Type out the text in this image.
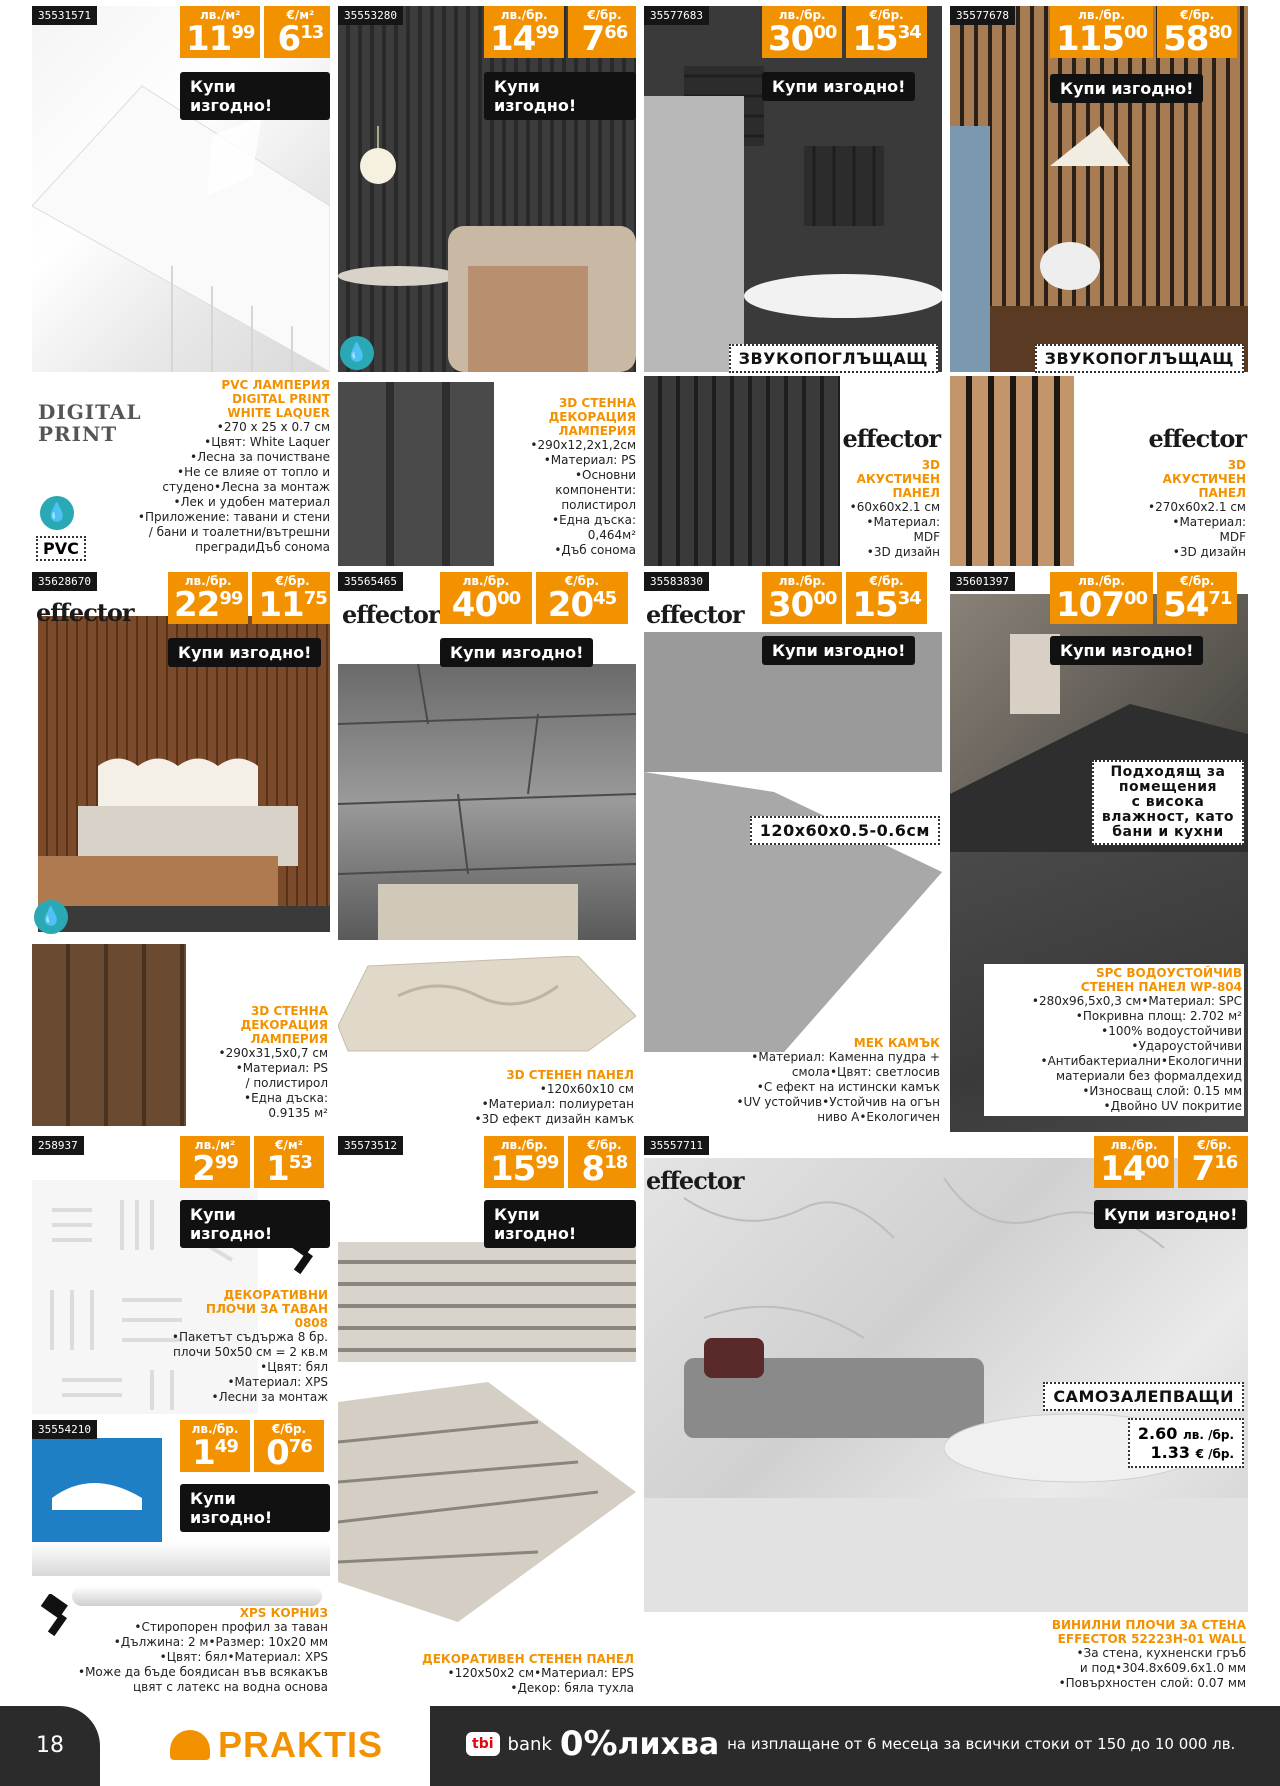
35531571	лв./м²
$11^{99}$
€/м²
$6^{13}$
Купи изгодно!
DIGITAL PRINT
💧
PVC
PVC ЛАМПЕРИЯ
DIGITAL PRINT
WHITE LAQUER
•270 x 25 x 0.7 см
•Цвят: White Laquer
•Лесна за почистване
•Не се влияе от топло и
студено•Лесна за монтаж
•Лек и удобен материал
•Приложение: тавани и стени
/ бани и тоалетни/вътрешни
преградиДъб сонома
💧
35553280	лв./бр.
$14^{99}$
€/бр.
$7^{66}$
Купи изгодно!
3D СТЕННА
ДЕКОРАЦИЯ
ЛАМПЕРИЯ
•290x12,2x1,2см
•Материал: PS
•Основни
компоненти:
полистирол
•Една дъска:
0,464м²
•Дъб сонома
35577683	лв./бр.
$30^{00}$
€/бр.
$15^{34}$
Купи изгодно!
ЗВУКОПОГЛЪЩАЩ
effector
3D
АКУСТИЧЕН
ПАНЕЛ
•60x60x2.1 см
•Материал:
MDF
•3D дизайн
35577678	лв./бр.
$115^{00}$
€/бр.
$58^{80}$
Купи изгодно!
ЗВУКОПОГЛЪЩАЩ
effector
3D
АКУСТИЧЕН
ПАНЕЛ
•270x60x2.1 см
•Материал:
MDF
•3D дизайн
💧
35628670
effector
лв./бр.
$22^{99}$
€/бр.
$11^{75}$
Купи изгодно!
3D СТЕННА
ДЕКОРАЦИЯ
ЛАМПЕРИЯ
•290x31,5x0,7 см
•Материал: PS
/ полистирол
•Една дъска:
0.9135 м²
35565465
effector
лв./бр.
$40^{00}$
€/бр.
$20^{45}$
Купи изгодно!
3D СТЕНЕН ПАНЕЛ
•120x60x10 см
•Материал: полиуретан
•3D ефект дизайн камък
35583830
effector
лв./бр.
$30^{00}$
€/бр.
$15^{34}$
Купи изгодно!
120x60x0.5-0.6см
МЕК КАМЪК
•Материал: Каменна пудра +
смола•Цвят: светлосив
•С ефект на истински камък
•UV устойчив•Устойчив на огън
ниво А•Екологичен
35601397	лв./бр.
$107^{00}$
€/бр.
$54^{71}$
Купи изгодно!
Подходящ за
помещения
с висока
влажност, като
бани и кухни
SPC ВОДОУСТОЙЧИВ
СТЕНЕН ПАНЕЛ WP-804
•280x96,5x0,3 см•Материал: SPC
•Покривна площ: 2.702 м²
•100% водоустойчиви
•Удароустойчиви
•Антибактериални•Екологични
материали без формалдехид
•Износващ слой: 0.15 мм
•Двойно UV покритие
258937	лв./м²
$2^{99}$
€/м²
$1^{53}$
Купи изгодно!
ДЕКОРАТИВНИ
ПЛОЧИ ЗА ТАВАН
0808
•Пакетът съдържа 8 бр.
плочи 50x50 см = 2 кв.м
•Цвят: бял
•Материал: XPS
•Лесни за монтаж
35554210	лв./бр.
$1^{49}$
€/бр.
$0^{76}$
Купи изгодно!
XPS КОРНИЗ
•Стиропорен профил за таван
•Дължина: 2 м•Размер: 10х20 мм
•Цвят: бял•Материал: XPS
•Може да бъде боядисан във всякакъв
цвят с латекс на водна основа
35573512	лв./бр.
$15^{99}$
€/бр.
$8^{18}$
Купи изгодно!
ДЕКОРАТИВЕН СТЕНЕН ПАНЕЛ
•120x50x2 см•Материал: EPS
•Декор: бяла тухла
35557711
effector
лв./бр.
$14^{00}$
€/бр.
$7^{16}$
Купи изгодно!
САМОЗАЛЕПВАЩИ
2.60 лв. /бр.
1.33 € /бр.
ВИНИЛНИ ПЛОЧИ ЗА СТЕНА
EFFECTOR 52223H-01 WALL
•За стена, кухненски гръб
и под•304.8x609.6x1.0 мм
•Повърхностен слой: 0.07 мм
18	PRAKTIS	tbi bank 0% лихва на изплащане от 6 месеца за всички стоки от 150 до 10 000 лв.
